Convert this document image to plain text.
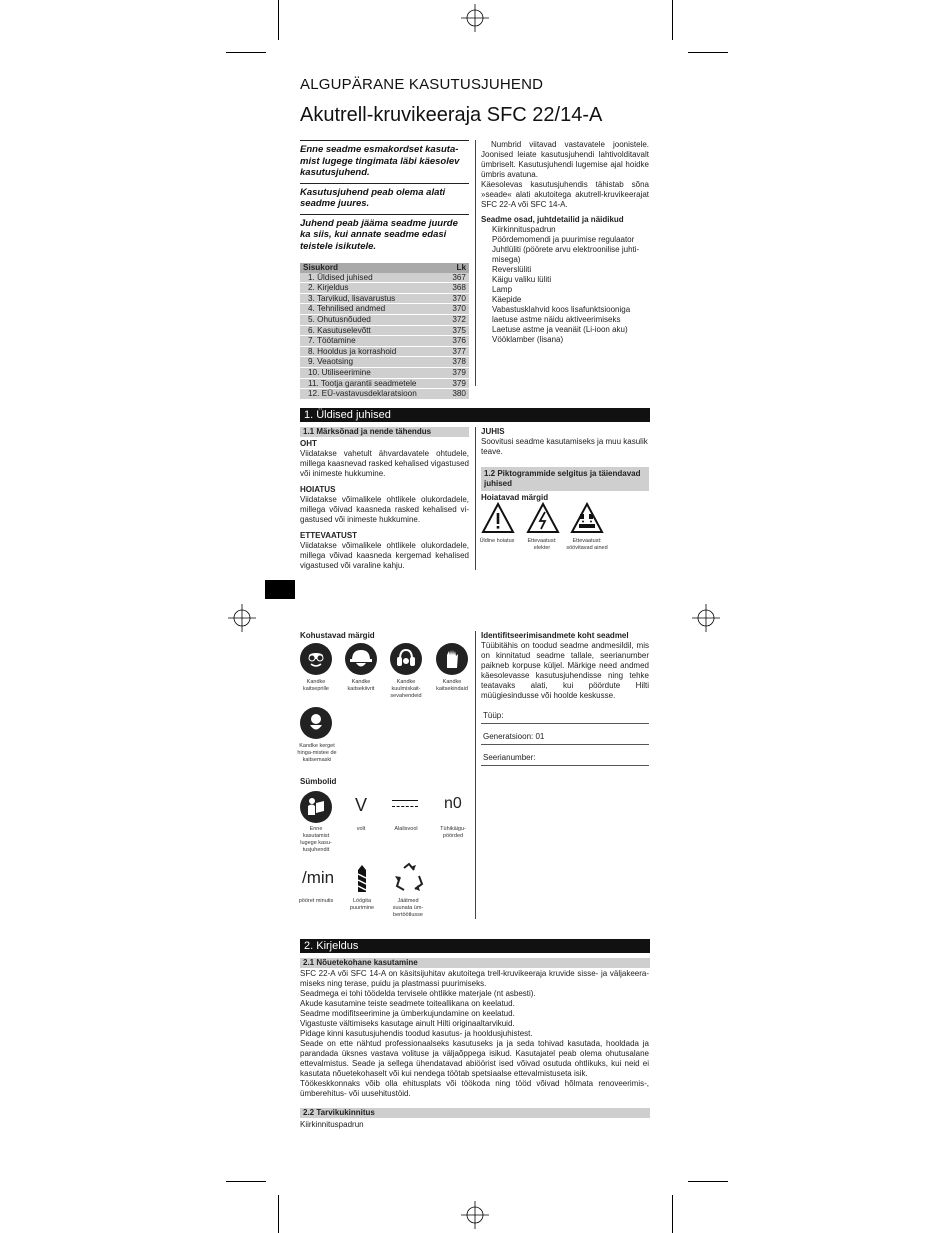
ALGUPÄRANE KASUTUSJUHEND
Akutrell-kruvikeeraja SFC 22/14-A
Enne seadme esmakordset kasuta-mist lugege tingimata läbi käesolev kasutusjuhend.
Kasutusjuhend peab olema alati seadme juures.
Juhend peab jääma seadme juurde ka siis, kui annate seadme edasi teistele isikutele.
Sisukord	Lk
1. Üldised juhised	367
2. Kirjeldus	368
3. Tarvikud, lisavarustus	370
4. Tehnilised andmed	370
5. Ohutusnõuded	372
6. Kasutuselevõtt	375
7. Töötamine	376
8. Hooldus ja korrashoid	377
9. Veaotsing	378
10. Utiliseerimine	379
11. Tootja garantii seadmetele	379
12. EÜ-vastavusdeklaratsioon	380

Numbrid viitavad vastavatele joonistele. Joonised leiate kasutusjuhendi lahtivolditavalt ümbriselt. Kasutusjuhendi lugemise ajal hoidke ümbris avatuna.

Käesolevas kasutusjuhendis tähistab sõna »seade« alati akutoitega akutrell-kruvikeerajat SFC 22-A või SFC 14-A.

Seadme osad, juhtdetailid ja näidikud

Kiirkinnituspadrun

Pöördemomendi ja puurimise regulaator

Juhtlüliti (pöörete arvu elektroonilise juhti-misega)

Reverslüliti

Käigu valiku lüliti

Lamp

Käepide

Vabastusklahvid koos lisafunktsiooniga laetuse astme näidu aktiveerimiseks

Laetuse astme ja veanäit (Li-ioon aku)

Vööklamber (lisana)

1. Üldised juhised
1.1 Märksõnad ja nende tähendus

OHT

Viidatakse vahetult ähvardavatele ohtudele, millega kaasnevad rasked kehalised vigastused või inimeste hukkumine.

HOIATUS

Viidatakse võimalikele ohtlikele olukordadele, millega võivad kaasneda rasked kehalised vi-gastused või inimeste hukkumine.

ETTEVAATUST

Viidatakse võimalikele ohtlikele olukordadele, millega võivad kaasneda kergemad kehalised vigastused või varaline kahju.

JUHIS

Soovitusi seadme kasutamiseks ja muu kasulik teave.

1.2 Piktogrammide selgitus ja täiendavad juhised

Hoiatavad märgid

Üldine hoiatus	Ettevaatust: elekter
Ettevaatust: söövitavad ained
Kohustavad märgid
Kandke kaitseprille
Kandke kaitsekiivrit
Kandke kuulmiskait-sevahendeid
Kandke kaitsekindaid
Kandke kerget hinga-mistee de kaitsemaski
Sümbolid
V	n0
Enne kasutamist lugege kasu-tusjuhendit
volt	Alalisvool	Tühikäigu-pöörded
/min
pööret minutis	Löögita puurimine
Jäätmed suunata üm-bertöötlusse

Identifitseerimisandmete koht seadmel

Tüübitähis on toodud seadme andmesildil, mis on kinnitatud seadme tallale, seerianumber paikneb korpuse küljel. Märkige need andmed käesolevasse kasutusjuhendisse ning tehke teatavaks alati, kui pöördute Hilti müügiesindusse või hoolde keskusse.

Tüüp:
Generatsioon: 01
Seerianumber:
2. Kirjeldus
2.1 Nõuetekohane kasutamine

SFC 22-A või SFC 14-A on käsitsijuhitav akutoitega trell-kruvikeeraja kruvide sisse- ja väljakeera-miseks ning terase, puidu ja plastmassi puurimiseks.

Seadmega ei tohi töödelda tervisele ohtlikke materjale (nt asbesti).

Akude kasutamine teiste seadmete toiteallikana on keelatud.

Seadme modifitseerimine ja ümberkujundamine on keelatud.

Vigastuste vältimiseks kasutage ainult Hilti originaaltarvikuid.

Pidage kinni kasutusjuhendis toodud kasutus- ja hooldusjuhistest.

Seade on ette nähtud professionaalseks kasutuseks ja ja seda tohivad kasutada, hooldada ja parandada üksnes vastava volituse ja väljaõppega isikud. Kasutajatel peab olema ohutusalane ettevalmistus. Seade ja sellega ühendatavad abiöörist ised võivad osutuda ohtlikuks, kui neid ei kasutata nõuetekohaselt või kui nendega töötab spetsiaalse ettevalmistuseta isik.

Töökeskkonnaks võib olla ehitusplats või töökoda ning tööd võivad hõlmata renoveerimis-, ümberehitus- või uusehitustöid.

2.2 Tarvikukinnitus
Kiirkinnituspadrun
